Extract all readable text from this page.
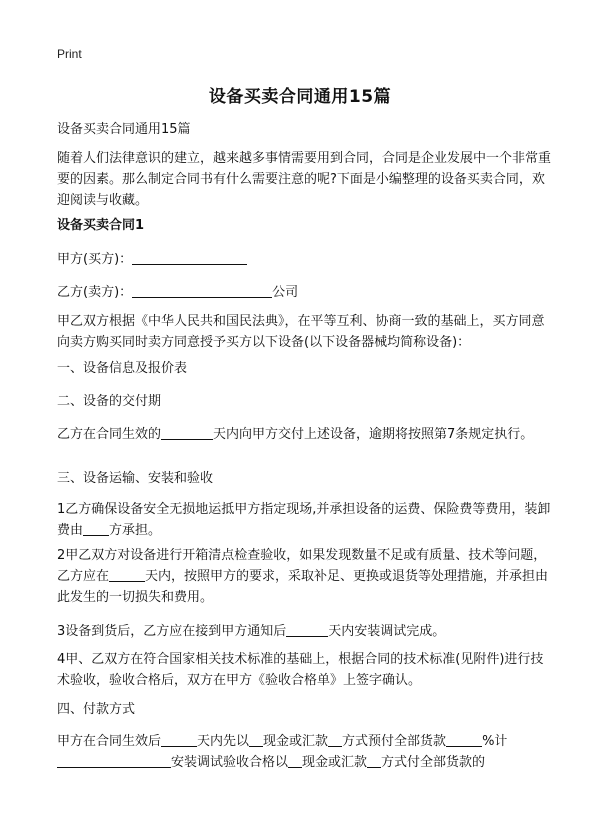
Print
设备买卖合同通用15篇

设备买卖合同通用15篇

随着人们法律意识的建立，越来越多事情需要用到合同，合同是企业发展中一个非常重要的因素。那么制定合同书有什么需要注意的呢?下面是小编整理的设备买卖合同，欢迎阅读与收藏。

设备买卖合同1

甲方(买方)：

乙方(卖方)：	公司

甲乙双方根据《中华人民共和国民法典》，在平等互利、协商一致的基础上，买方同意向卖方购买同时卖方同意授予买方以下设备(以下设备器械均简称设备)：

一、设备信息及报价表

二、设备的交付期

乙方在合同生效的	天内向甲方交付上述设备，逾期将按照第7条规定执行。

三、设备运输、安装和验收

1乙方确保设备安全无损地运抵甲方指定现场,并承担设备的运费、保险费等费用，装卸费由 方承担。

2甲乙双方对设备进行开箱清点检查验收，如果发现数量不足或有质量、技术等问题，乙方应在	天内，按照甲方的要求，采取补足、更换或退货等处理措施，并承担由此发生的一切损失和费用。

3设备到货后，乙方应在接到甲方通知后	天内安装调试完成。

4甲、乙双方在符合国家相关技术标准的基础上，根据合同的技术标准(见附件)进行技术验收，验收合格后，双方在甲方《验收合格单》上签字确认。

四、付款方式

甲方在合同生效后	天内先以 现金或汇款 方式预付全部货款	%计
安装调试验收合格以 现金或汇款 方式付全部货款的
